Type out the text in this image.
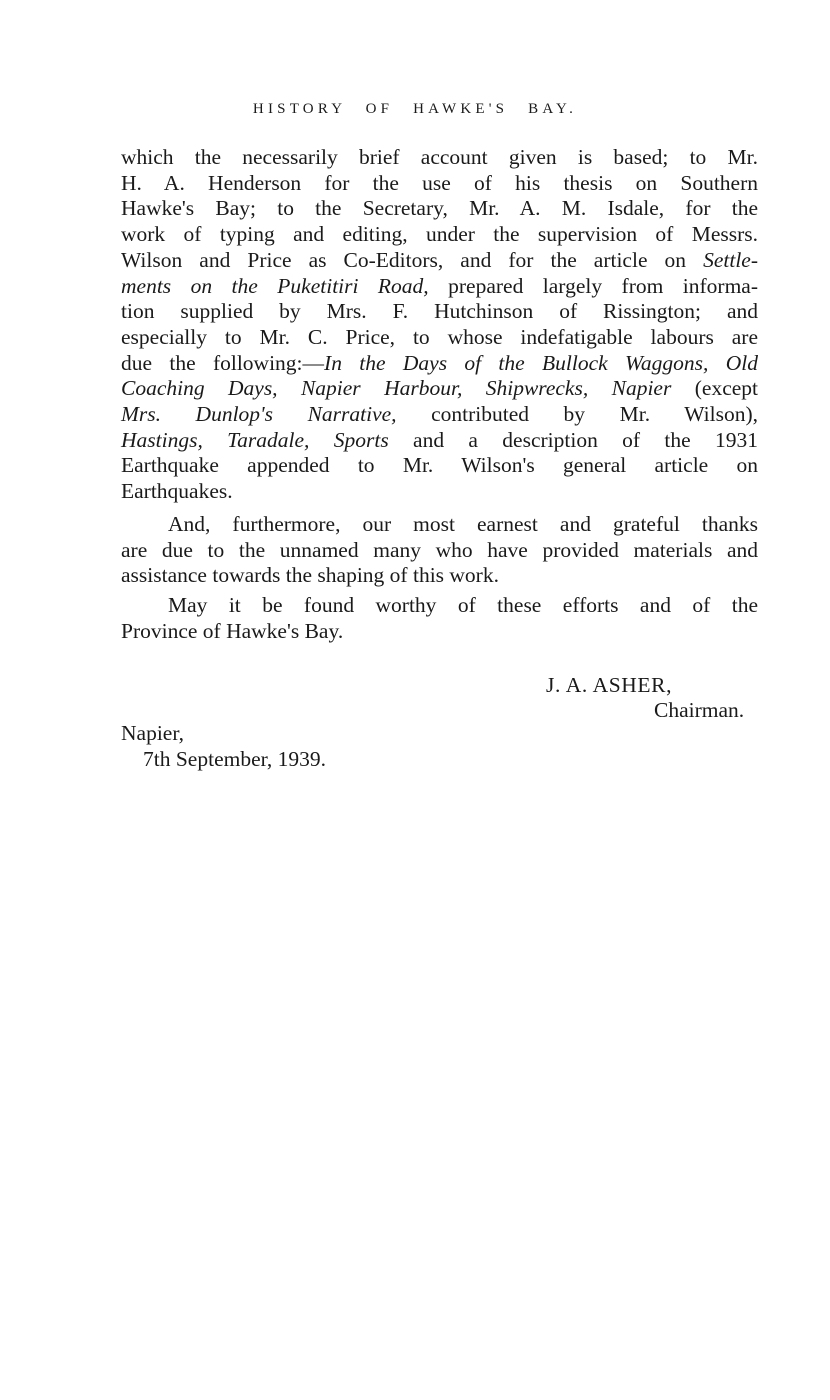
HISTORY OF HAWKE'S BAY.
which the necessarily brief account given is based; to Mr.
H. A. Henderson for the use of his thesis on Southern
Hawke's Bay; to the Secretary, Mr. A. M. Isdale, for the
work of typing and editing, under the supervision of Messrs.
Wilson and Price as Co-Editors, and for the article on Settle-
ments on the Puketitiri Road, prepared largely from informa-
tion supplied by Mrs. F. Hutchinson of Rissington; and
especially to Mr. C. Price, to whose indefatigable labours are
due the following:—In the Days of the Bullock Waggons, Old
Coaching Days, Napier Harbour, Shipwrecks, Napier (except
Mrs. Dunlop's Narrative, contributed by Mr. Wilson),
Hastings, Taradale, Sports and a description of the 1931
Earthquake appended to Mr. Wilson's general article on
Earthquakes.
And, furthermore, our most earnest and grateful thanks
are due to the unnamed many who have provided materials and
assistance towards the shaping of this work.
May it be found worthy of these efforts and of the
Province of Hawke's Bay.
J. A. ASHER,
Chairman.
Napier,
7th September, 1939.
